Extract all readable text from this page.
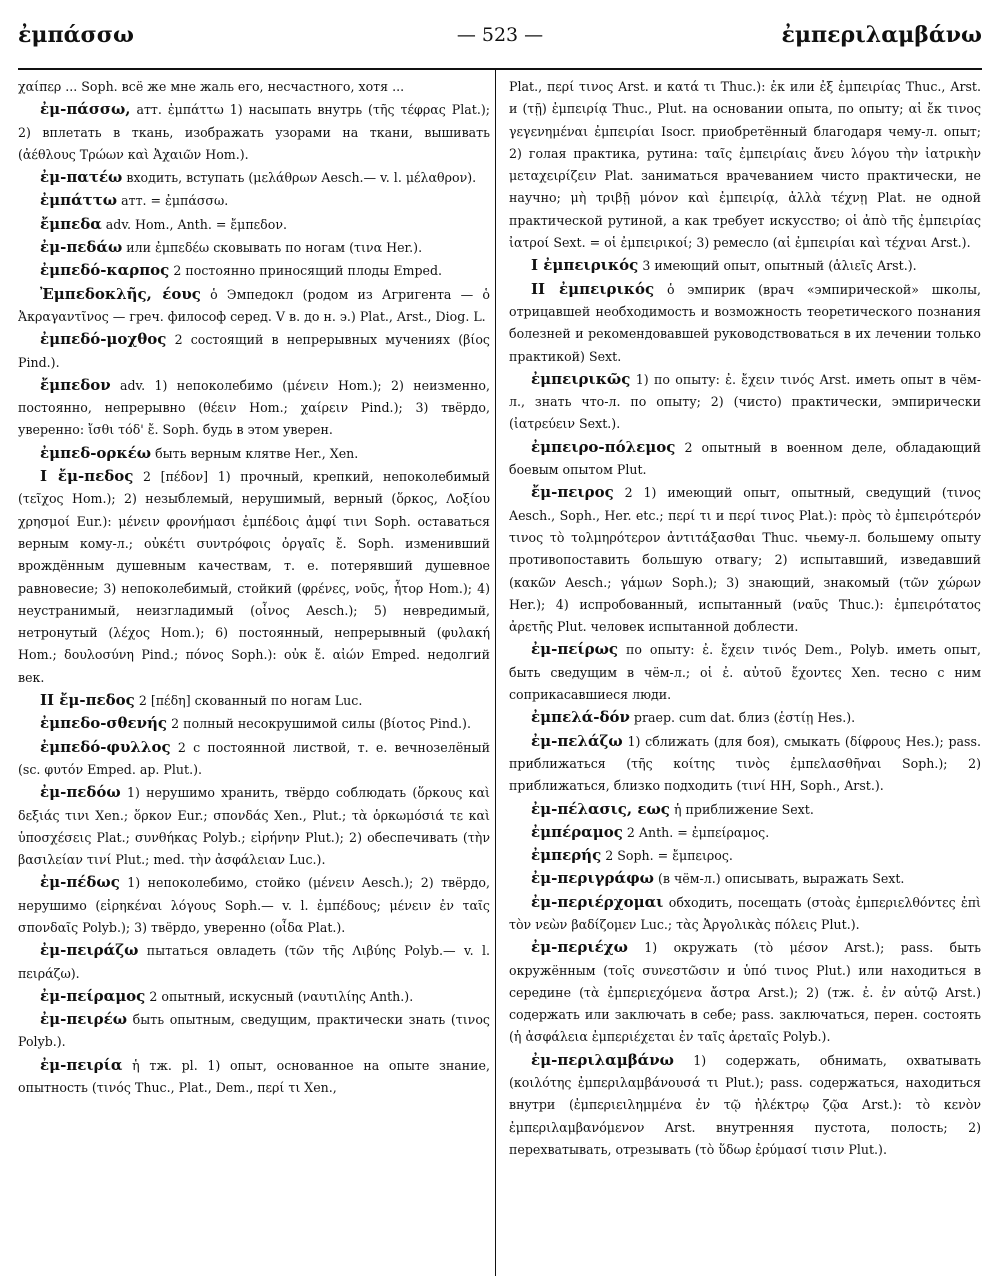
ἐμπάσσω	— 523 —	ἐμπεριλαμβάνω

χαίπερ ... Soph. всё же мне жаль его, несчастного, хотя ...

ἐμ-πάσσω, атт. ἐμπάττω 1) насыпать внутрь (τῆς τέφρας Plat.); 2) вплетать в ткань, изображать узорами на ткани, вышивать (ἀέθλους Τρώων καὶ Ἀχαιῶν Hom.).

ἐμ-πατέω входить, вступать (μελάθρων Aesch.— v. l. μέλαθρον).

ἐμπάττω атт. = ἐμπάσσω.

ἔμπεδα adv. Hom., Anth. = ἔμπεδον.

ἐμ-πεδάω или ἐμπεδέω сковывать по ногам (τινα Her.).

ἐμπεδό-καρπος 2 постоянно приносящий плоды Emped.

Ἐμπεδοκλῆς, έους ὁ Эмпедокл (родом из Агригента — ὁ Ἀκραγαντῖνος — греч. философ серед. V в. до н. э.) Plat., Arst., Diog. L.

ἐμπεδό-μοχθος 2 состоящий в непрерывных мучениях (βίος Pind.).

ἔμπεδον adv. 1) непоколебимо (μένειν Hom.); 2) неизменно, постоянно, непрерывно (θέειν Hom.; χαίρειν Pind.); 3) твёрдо, уверенно: ἴσθι τόδ' ἔ. Soph. будь в этом уверен.

ἐμπεδ-ορκέω быть верным клятве Her., Xen.

I ἔμ-πεδος 2 [πέδον] 1) прочный, крепкий, непоколебимый (τεῖχος Hom.); 2) незыблемый, нерушимый, верный (ὅρκος, Λοξίου χρησμοί Eur.): μένειν φρονήμασι ἐμπέδοις ἀμφί τινι Soph. оставаться верным кому-л.; οὐκέτι συντρόφοις ὀργαῖς ἔ. Soph. изменивший врождённым душевным качествам, т. е. потерявший душевное равновесие; 3) непоколебимый, стойкий (φρένες, νοῦς, ἦτορ Hom.); 4) неустранимый, неизгладимый (οἶνος Aesch.); 5) невредимый, нетронутый (λέχος Hom.); 6) постоянный, непрерывный (φυλακή Hom.; δουλοσύνη Pind.; πόνος Soph.): οὐκ ἔ. αἰών Emped. недолгий век.

II ἔμ-πεδος 2 [πέδη] скованный по ногам Luc.

ἐμπεδο-σθενής 2 полный несокрушимой силы (βίοτος Pind.).

ἐμπεδό-φυλλος 2 с постоянной листвой, т. е. вечнозелёный (sc. φυτόν Emped. ap. Plut.).

ἐμ-πεδόω 1) нерушимо хранить, твёрдо соблюдать (ὅρκους καὶ δεξιάς τινι Xen.; ὅρκον Eur.; σπονδάς Xen., Plut.; τὰ ὁρκωμόσιά τε καὶ ὑποσχέσεις Plat.; συνθήκας Polyb.; εἰρήνην Plut.); 2) обеспечивать (τὴν βασιλείαν τινί Plut.; med. τὴν ἀσφάλειαν Luc.).

ἐμ-πέδως 1) непоколебимо, стойко (μένειν Aesch.); 2) твёрдо, нерушимо (εἰρηκέναι λόγους Soph.— v. l. ἐμπέδους; μένειν ἐν ταῖς σπονδαῖς Polyb.); 3) твёрдо, уверенно (οἶδα Plat.).

ἐμ-πειράζω пытаться овладеть (τῶν τῆς Λιβύης Polyb.— v. l. πειράζω).

ἐμ-πείραμος 2 опытный, искусный (ναυτιλίης Anth.).

ἐμ-πειρέω быть опытным, сведущим, практически знать (τινος Polyb.).

ἐμ-πειρία ἡ тж. pl. 1) опыт, основанное на опыте знание, опытность (τινός Thuc., Plat., Dem., περί τι Xen.,

Plat., περί τινος Arst. и κατά τι Thuc.): ἐκ или ἐξ ἐμπειρίας Thuc., Arst. и (τῇ) ἐμπειρίᾳ Thuc., Plut. на основании опыта, по опыту; αἱ ἔκ τινος γεγενημέναι ἐμπειρίαι Isocr. приобретённый благодаря чему-л. опыт; 2) голая практика, рутина: ταῖς ἐμπειρίαις ἄνευ λόγου τὴν ἰατρικὴν μεταχειρίζειν Plat. заниматься врачеванием чисто практически, не научно; μὴ τριβῇ μόνον καὶ ἐμπειρίᾳ, ἀλλὰ τέχνῃ Plat. не одной практической рутиной, а как требует искусство; οἱ ἀπὸ τῆς ἐμπειρίας ἰατροί Sext. = οἱ ἐμπειρικοί; 3) ремесло (αἱ ἐμπειρίαι καὶ τέχναι Arst.).

I ἐμπειρικός 3 имеющий опыт, опытный (ἁλιεῖς Arst.).

II ἐμπειρικός ὁ эмпирик (врач «эмпирической» школы, отрицавшей необходимость и возможность теоретического познания болезней и рекомендовавшей руководствоваться в их лечении только практикой) Sext.

ἐμπειρικῶς 1) по опыту: ἐ. ἔχειν τινός Arst. иметь опыт в чём-л., знать что-л. по опыту; 2) (чисто) практически, эмпирически (ἰατρεύειν Sext.).

ἐμπειρο-πόλεμος 2 опытный в военном деле, обладающий боевым опытом Plut.

ἔμ-πειρος 2 1) имеющий опыт, опытный, сведущий (τινος Aesch., Soph., Her. etc.; περί τι и περί τινος Plat.): πρὸς τὸ ἐμπειρότερόν τινος τὸ τολμηρότερον ἀντιτάξασθαι Thuc. чьему-л. большему опыту противопоставить большую отвагу; 2) испытавший, изведавший (κακῶν Aesch.; γάμων Soph.); 3) знающий, знакомый (τῶν χώρων Her.); 4) испробованный, испытанный (ναῦς Thuc.): ἐμπειρότατος ἀρετῆς Plut. человек испытанной доблести.

ἐμ-πείρως по опыту: ἐ. ἔχειν τινός Dem., Polyb. иметь опыт, быть сведущим в чём-л.; οἱ ἐ. αὐτοῦ ἔχοντες Xen. тесно с ним соприкасавшиеся люди.

ἐμπελά-δόν praep. cum dat. близ (ἑστίῃ Hes.).

ἐμ-πελάζω 1) сближать (для боя), смыкать (δίφρους Hes.); pass. приближаться (τῆς κοίτης τινὸς ἐμπελασθῆναι Soph.); 2) приближаться, близко подходить (τινί HH, Soph., Arst.).

ἐμ-πέλασις, εως ἡ приближение Sext.

ἐμπέραμος 2 Anth. = ἐμπείραμος.

ἐμπερής 2 Soph. = ἔμπειρος.

ἐμ-περιγράφω (в чём-л.) описывать, выражать Sext.

ἐμ-περιέρχομαι обходить, посещать (στοὰς ἐμπεριελθόντες ἐπὶ τὸν νεὼν βαδίζομεν Luc.; τὰς Ἀργολικὰς πόλεις Plut.).

ἐμ-περιέχω 1) окружать (τὸ μέσον Arst.); pass. быть окружённым (τοῖς συνεστῶσιν и ὑπό τινος Plut.) или находиться в середине (τὰ ἐμπεριεχόμενα ἄστρα Arst.); 2) (тж. ἐ. ἐν αὑτῷ Arst.) содержать или заключать в себе; pass. заключаться, перен. состоять (ἡ ἀσφάλεια ἐμπεριέχεται ἐν ταῖς ἀρεταῖς Polyb.).

ἐμ-περιλαμβάνω 1) содержать, обнимать, охватывать (κοιλότης ἐμπεριλαμβάνουσά τι Plut.); pass. содержаться, находиться внутри (ἐμπεριειλημμένα ἐν τῷ ἠλέκτρῳ ζῷα Arst.): τὸ κενὸν ἐμπεριλαμβανόμενον Arst. внутренняя пустота, полость; 2) перехватывать, отрезывать (τὸ ὕδωρ ἐρύμασί τισιν Plut.).
